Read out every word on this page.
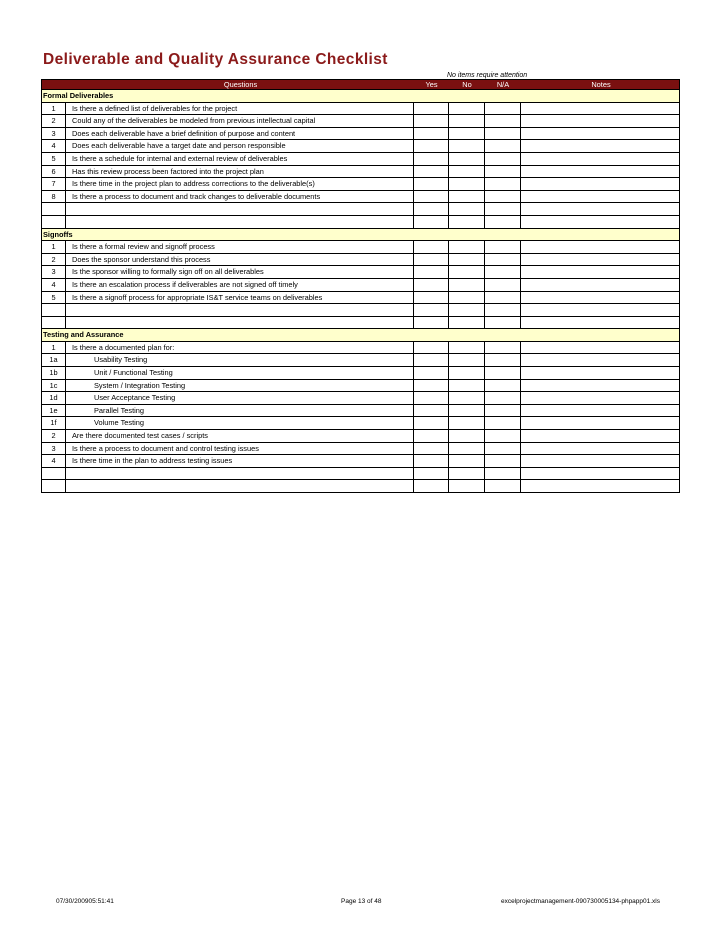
Deliverable and Quality Assurance Checklist
No items require attention
Questions	Yes	No	N/A	Notes
Formal Deliverables
1	Is there a defined list of deliverables for the project
2	Could any of the deliverables be modeled from previous intellectual capital
3	Does each deliverable have a brief definition of purpose and content
4	Does each deliverable have a target date and person responsible
5	Is there a schedule for internal and external review of deliverables
6	Has this review process been factored into the project plan
7	Is there time in the project plan to address corrections to the deliverable(s)
8	Is there a process to document and track changes to deliverable documents
Signoffs
1	Is there a formal review and signoff process
2	Does the sponsor understand this process
3	Is the sponsor willing to formally sign off on all deliverables
4	Is there an escalation process if deliverables are not signed off timely
5	Is there a signoff process for appropriate IS&T service teams on deliverables
Testing and Assurance
1	Is there a documented plan for:
1a	Usability Testing
1b	Unit / Functional Testing
1c	System / Integration Testing
1d	User Acceptance Testing
1e	Parallel Testing
1f	Volume Testing
2	Are there documented test cases / scripts
3	Is there a process to document and control testing issues
4	Is there time in the plan to address testing issues
07/30/200905:51:41	Page 13 of 48	excelprojectmanagement-090730005134-phpapp01.xls
